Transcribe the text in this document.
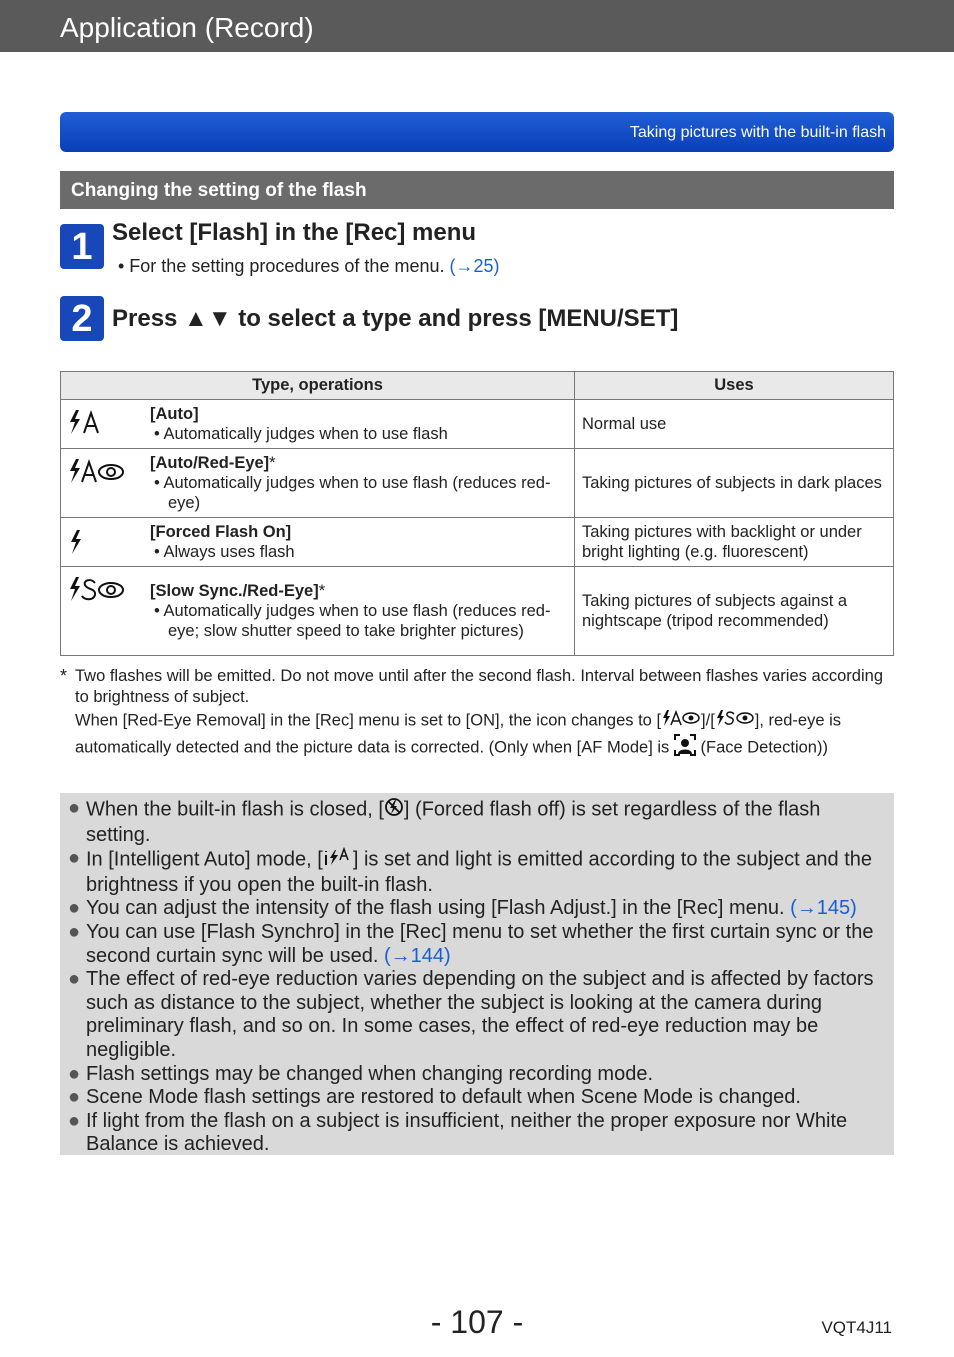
Application (Record)
Taking pictures with the built-in flash
Changing the setting of the flash
1 Select [Flash] in the [Rec] menu
• For the setting procedures of the menu. (→25)
2 Press ▲▼ to select a type and press [MENU/SET]
Type, operations	Uses

[Auto]
• Automatically judges when to use flash	Normal use

[Auto/Red-Eye]*
• Automatically judges when to use flash (reduces red-eye)	Taking pictures of subjects in dark places

[Forced Flash On]
• Always uses flash	Taking pictures with backlight or under bright lighting (e.g. fluorescent)

[Slow Sync./Red-Eye]*
• Automatically judges when to use flash (reduces red-eye; slow shutter speed to take brighter pictures)	Taking pictures of subjects against a nightscape (tripod recommended)
* Two flashes will be emitted. Do not move until after the second flash. Interval between flashes varies according to brightness of subject.

When [Red-Eye Removal] in the [Rec] menu is set to [ON], the icon changes to [ ]/[ ], red-eye is automatically detected and the picture data is corrected. (Only when [AF Mode] is (Face Detection))

● When the built-in flash is closed, [ ] (Forced flash off) is set regardless of the flash setting.
● In [Intelligent Auto] mode, [ ] is set and light is emitted according to the subject and the brightness if you open the built-in flash.
● You can adjust the intensity of the flash using [Flash Adjust.] in the [Rec] menu. (→145)
● You can use [Flash Synchro] in the [Rec] menu to set whether the first curtain sync or the second curtain sync will be used. (→144)
● The effect of red-eye reduction varies depending on the subject and is affected by factors such as distance to the subject, whether the subject is looking at the camera during preliminary flash, and so on. In some cases, the effect of red-eye reduction may be negligible.
● Flash settings may be changed when changing recording mode.
● Scene Mode flash settings are restored to default when Scene Mode is changed.
● If light from the flash on a subject is insufficient, neither the proper exposure nor White Balance is achieved.
- 107 -	VQT4J11
